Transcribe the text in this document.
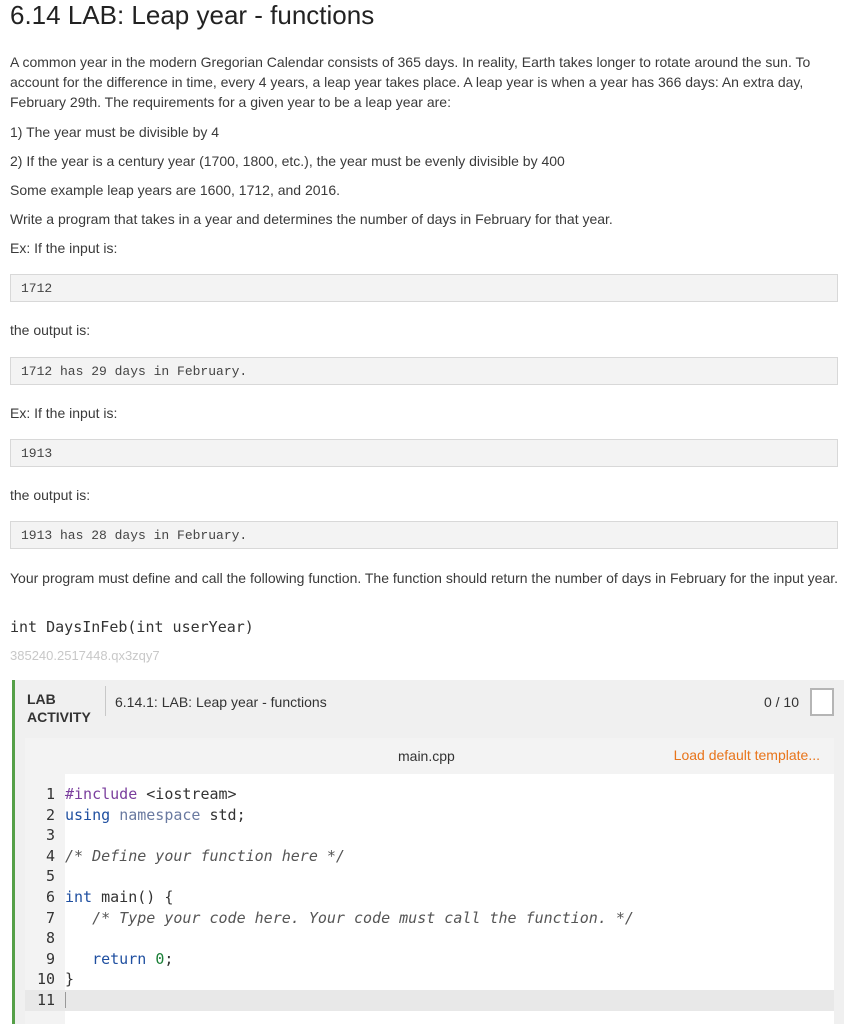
6.14 LAB: Leap year - functions

A common year in the modern Gregorian Calendar consists of 365 days. In reality, Earth takes longer to rotate around the sun. To account for the difference in time, every 4 years, a leap year takes place. A leap year is when a year has 366 days: An extra day, February 29th. The requirements for a given year to be a leap year are:

1) The year must be divisible by 4

2) If the year is a century year (1700, 1800, etc.), the year must be evenly divisible by 400

Some example leap years are 1600, 1712, and 2016.

Write a program that takes in a year and determines the number of days in February for that year.

Ex: If the input is:

1712

the output is:

1712 has 29 days in February.

Ex: If the input is:

1913

the output is:

1913 has 28 days in February.

Your program must define and call the following function. The function should return the number of days in February for the input year.

int DaysInFeb(int userYear)
385240.2517448.qx3zqy7
LAB
ACTIVITY
6.14.1: LAB: Leap year - functions	0 / 10
main.cpp	Load default template...
1 #include <iostream>
2 using namespace std;
3
4 /* Define your function here */
5
6 int main() {
7 /* Type your code here. Your code must call the function. */
8
9	return 0;
10 }
11
